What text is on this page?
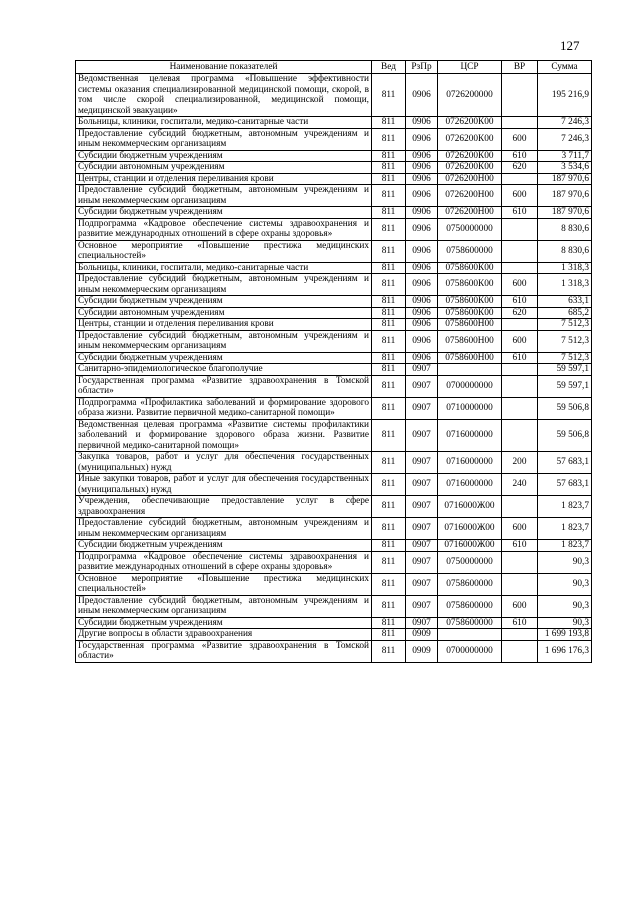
127
Наименование показателей	Вед	РзПр	ЦСР	ВР	Сумма
Ведомственная целевая программа «Повышение эффективности системы оказания специализированной медицинской помощи, скорой, в том числе скорой специализированной, медицинской помощи, медицинской эвакуации»	811	0906	0726200000		195 216,9
Больницы, клиники, госпитали, медико-санитарные части	811	0906	0726200К00		7 246,3
Предоставление субсидий бюджетным, автономным учреждениям и иным некоммерческим организациям	811	0906	0726200К00	600	7 246,3
Субсидии бюджетным учреждениям	811	0906	0726200К00	610	3 711,7
Субсидии автономным учреждениям	811	0906	0726200К00	620	3 534,6
Центры, станции и отделения переливания крови	811	0906	0726200Н00		187 970,6
Предоставление субсидий бюджетным, автономным учреждениям и иным некоммерческим организациям	811	0906	0726200Н00	600	187 970,6
Субсидии бюджетным учреждениям	811	0906	0726200Н00	610	187 970,6
Подпрограмма «Кадровое обеспечение системы здравоохранения и развитие международных отношений в сфере охраны здоровья»	811	0906	0750000000		8 830,6
Основное мероприятие «Повышение престижа медицинских специальностей»	811	0906	0758600000		8 830,6
Больницы, клиники, госпитали, медико-санитарные части	811	0906	0758600К00		1 318,3
Предоставление субсидий бюджетным, автономным учреждениям и иным некоммерческим организациям	811	0906	0758600К00	600	1 318,3
Субсидии бюджетным учреждениям	811	0906	0758600К00	610	633,1
Субсидии автономным учреждениям	811	0906	0758600К00	620	685,2
Центры, станции и отделения переливания крови	811	0906	0758600Н00		7 512,3
Предоставление субсидий бюджетным, автономным учреждениям и иным некоммерческим организациям	811	0906	0758600Н00	600	7 512,3
Субсидии бюджетным учреждениям	811	0906	0758600Н00	610	7 512,3
Санитарно-эпидемиологическое благополучие	811	0907			59 597,1
Государственная программа «Развитие здравоохранения в Томской области»	811	0907	0700000000		59 597,1
Подпрограмма «Профилактика заболеваний и формирование здорового образа жизни. Развитие первичной медико-санитарной помощи»	811	0907	0710000000		59 506,8
Ведомственная целевая программа «Развитие системы профилактики заболеваний и формирование здорового образа жизни. Развитие первичной медико-санитарной помощи»	811	0907	0716000000		59 506,8
Закупка товаров, работ и услуг для обеспечения государственных (муниципальных) нужд	811	0907	0716000000	200	57 683,1
Иные закупки товаров, работ и услуг для обеспечения государственных (муниципальных) нужд	811	0907	0716000000	240	57 683,1
Учреждения, обеспечивающие предоставление услуг в сфере здравоохранения	811	0907	0716000Ж00		1 823,7
Предоставление субсидий бюджетным, автономным учреждениям и иным некоммерческим организациям	811	0907	0716000Ж00	600	1 823,7
Субсидии бюджетным учреждениям	811	0907	0716000Ж00	610	1 823,7
Подпрограмма «Кадровое обеспечение системы здравоохранения и развитие международных отношений в сфере охраны здоровья»	811	0907	0750000000		90,3
Основное мероприятие «Повышение престижа медицинских специальностей»	811	0907	0758600000		90,3
Предоставление субсидий бюджетным, автономным учреждениям и иным некоммерческим организациям	811	0907	0758600000	600	90,3
Субсидии бюджетным учреждениям	811	0907	0758600000	610	90,3
Другие вопросы в области здравоохранения	811	0909			1 699 193,8
Государственная программа «Развитие здравоохранения в Томской области»	811	0909	0700000000		1 696 176,3
